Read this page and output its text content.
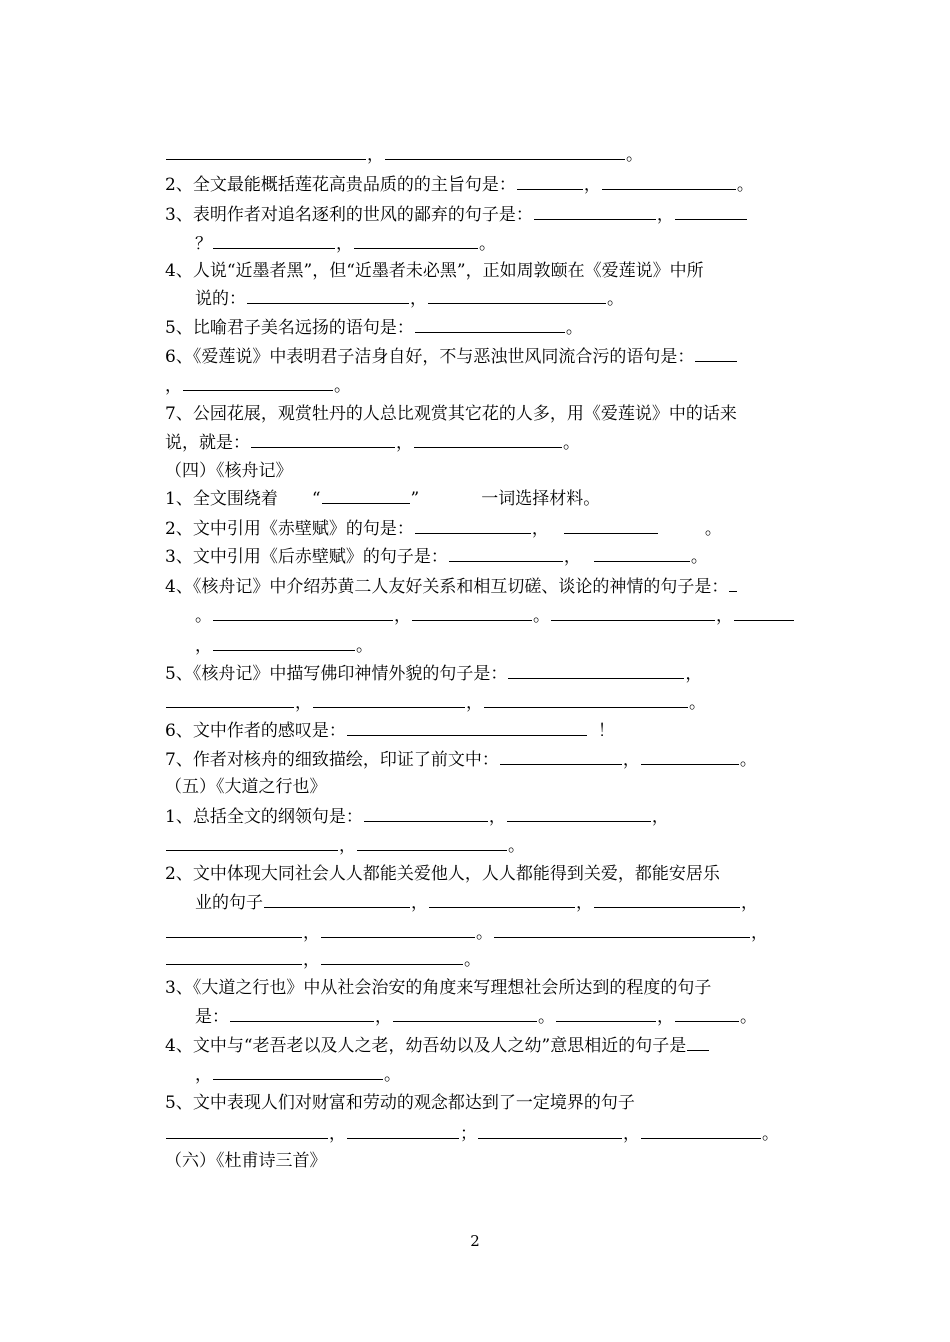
，	。
2、全文最能概括莲花高贵品质的的主旨句是：	，	。
3、表明作者对追名逐利的世风的鄙弃的句子是：	，
？	，	。
4、人说“近墨者黑”，但“近墨者未必黑”，正如周敦颐在《爱莲说》中所
说的：	，	。
5、比喻君子美名远扬的语句是：	。
6、《爱莲说》中表明君子洁身自好，不与恶浊世风同流合污的语句是：
，	。
7、公园花展，观赏牡丹的人总比观赏其它花的人多，用《爱莲说》中的话来
说，就是：	，	。
（四）《核舟记》
1、全文围绕着 “	”	一词选择材料。
2、文中引用《赤壁赋》的句是：	，	。
3、文中引用《后赤壁赋》的句子是：	，	。
4、《核舟记》中介绍苏黄二人友好关系和相互切磋、谈论的神情的句子是：
。	，	。	，
，	。
5、《核舟记》中描写佛印神情外貌的句子是：	，
，	，	。
6、文中作者的感叹是：	！
7、作者对核舟的细致描绘，印证了前文中：	，	。
（五）《大道之行也》
1、总括全文的纲领句是：	，	，
，	。
2、文中体现大同社会人人都能关爱他人，人人都能得到关爱，都能安居乐
业的句子	，	，	，
，	。	，
，	。
3、《大道之行也》中从社会治安的角度来写理想社会所达到的程度的句子
是：	，	。	，	。
4、文中与“老吾老以及人之老，幼吾幼以及人之幼”意思相近的句子是
，	。
5、文中表现人们对财富和劳动的观念都达到了一定境界的句子
，	；	，	。
（六）《杜甫诗三首》
2
